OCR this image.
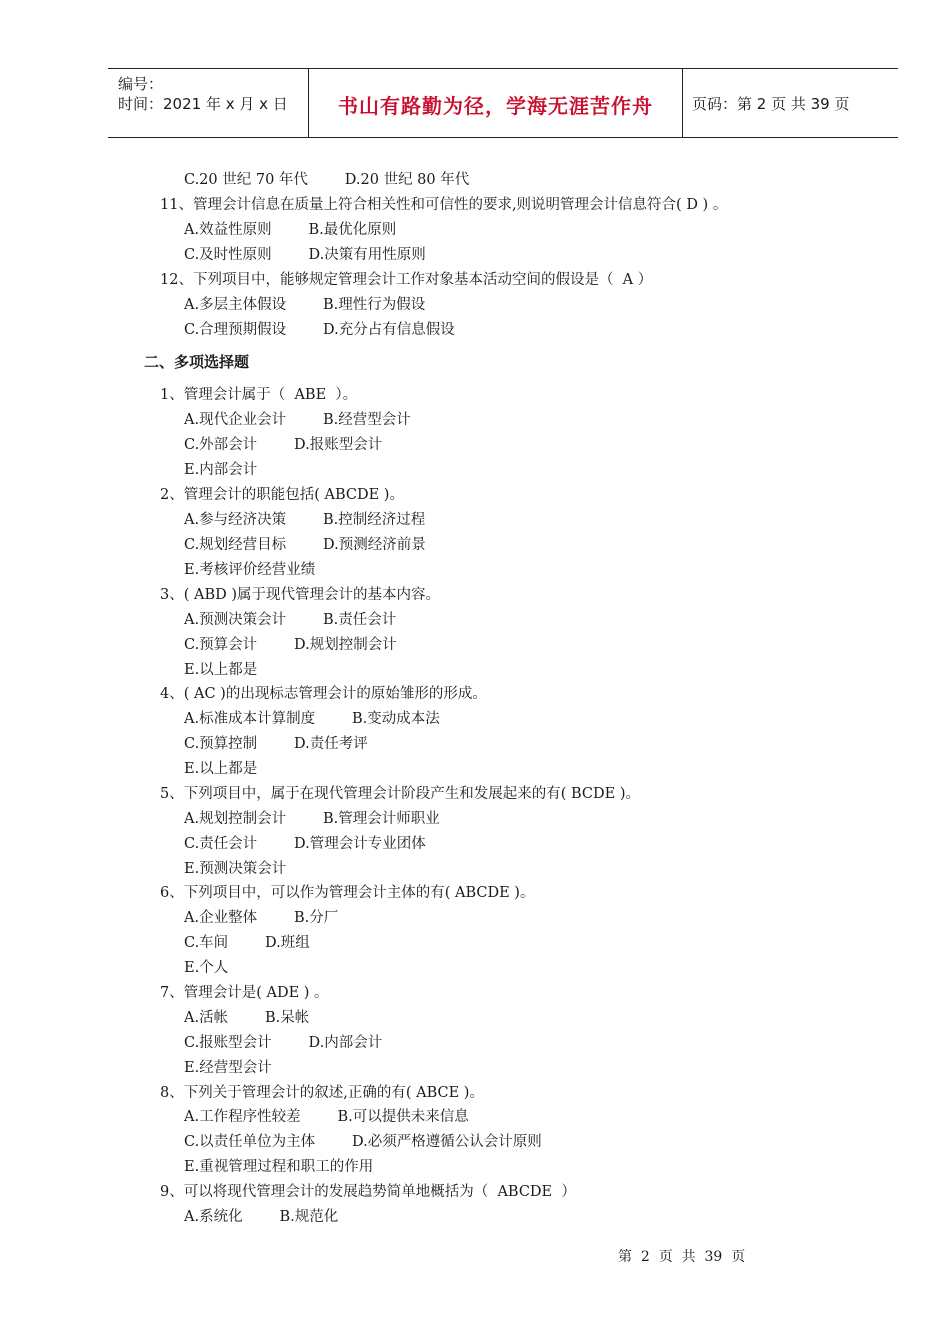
编号：
时间：2021 年 x 月 x 日	书山有路勤为径，学海无涯苦作舟	页码：第 2 页 共 39 页
C.20 世纪 70 年代        D.20 世纪 80 年代
11、管理会计信息在质量上符合相关性和可信性的要求,则说明管理会计信息符合( D ) 。
A.效益性原则        B.最优化原则
C.及时性原则        D.决策有用性原则
12、下列项目中，能够规定管理会计工作对象基本活动空间的假设是（  A ）
A.多层主体假设        B.理性行为假设
C.合理预期假设        D.充分占有信息假设
二、多项选择题
1、管理会计属于（  ABE  ）。
A.现代企业会计        B.经营型会计
C.外部会计        D.报账型会计
E.内部会计
2、管理会计的职能包括( ABCDE )。
A.参与经济决策        B.控制经济过程
C.规划经营目标        D.预测经济前景
E.考核评价经营业绩
3、( ABD )属于现代管理会计的基本内容。
A.预测决策会计        B.责任会计
C.预算会计        D.规划控制会计
E.以上都是
4、( AC )的出现标志管理会计的原始雏形的形成。
A.标准成本计算制度        B.变动成本法
C.预算控制        D.责任考评
E.以上都是
5、下列项目中，属于在现代管理会计阶段产生和发展起来的有( BCDE )。
A.规划控制会计        B.管理会计师职业
C.责任会计        D.管理会计专业团体
E.预测决策会计
6、下列项目中，可以作为管理会计主体的有( ABCDE )。
A.企业整体        B.分厂
C.车间        D.班组
E.个人
7、管理会计是( ADE ) 。
A.活帐        B.呆帐
C.报账型会计        D.内部会计
E.经营型会计
8、下列关于管理会计的叙述,正确的有( ABCE )。
A.工作程序性较差        B.可以提供未来信息
C.以责任单位为主体        D.必须严格遵循公认会计原则
E.重视管理过程和职工的作用
9、可以将现代管理会计的发展趋势简单地概括为（  ABCDE  ）
A.系统化        B.规范化
第  2  页  共  39  页
